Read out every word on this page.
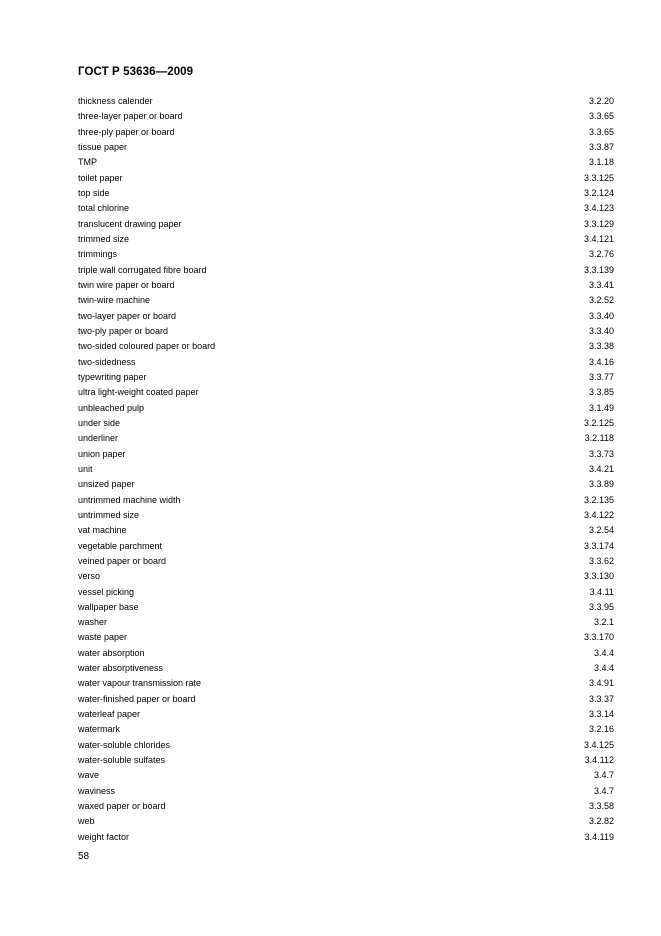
ГОСТ Р 53636—2009
thickness calender	3.2.20
three-layer paper or board	3.3.65
three-ply paper or board	3.3.65
tissue paper	3.3.87
TMP	3.1.18
toilet paper	3.3.125
top side	3.2.124
total chlorine	3.4.123
translucent drawing paper	3.3.129
trimmed size	3.4.121
trimmings	3.2.76
triple wall corrugated fibre board	3.3.139
twin wire paper or board	3.3.41
twin-wire machine	3.2.52
two-layer paper or board	3.3.40
two-ply paper or board	3.3.40
two-sided coloured paper or board	3.3.38
two-sidedness	3.4.16
typewriting paper	3.3.77
ultra light-weight coated paper	3.3.85
unbleached pulp	3.1.49
under side	3.2.125
underliner	3.2.118
union paper	3.3.73
unit	3.4.21
unsized paper	3.3.89
untrimmed machine width	3.2.135
untrimmed size	3.4.122
vat machine	3.2.54
vegetable parchment	3.3.174
veined paper or board	3.3.62
verso	3.3.130
vessel picking	3.4.11
wallpaper base	3.3.95
washer	3.2.1
waste paper	3.3.170
water absorption	3.4.4
water absorptiveness	3.4.4
water vapour transmission rate	3.4.91
water-finished paper or board	3.3.37
waterleaf paper	3.3.14
watermark	3.2.16
water-soluble chlorides	3.4.125
water-soluble sulfates	3.4.112
wave	3.4.7
waviness	3.4.7
waxed paper or board	3.3.58
web	3.2.82
weight factor	3.4.119
58
